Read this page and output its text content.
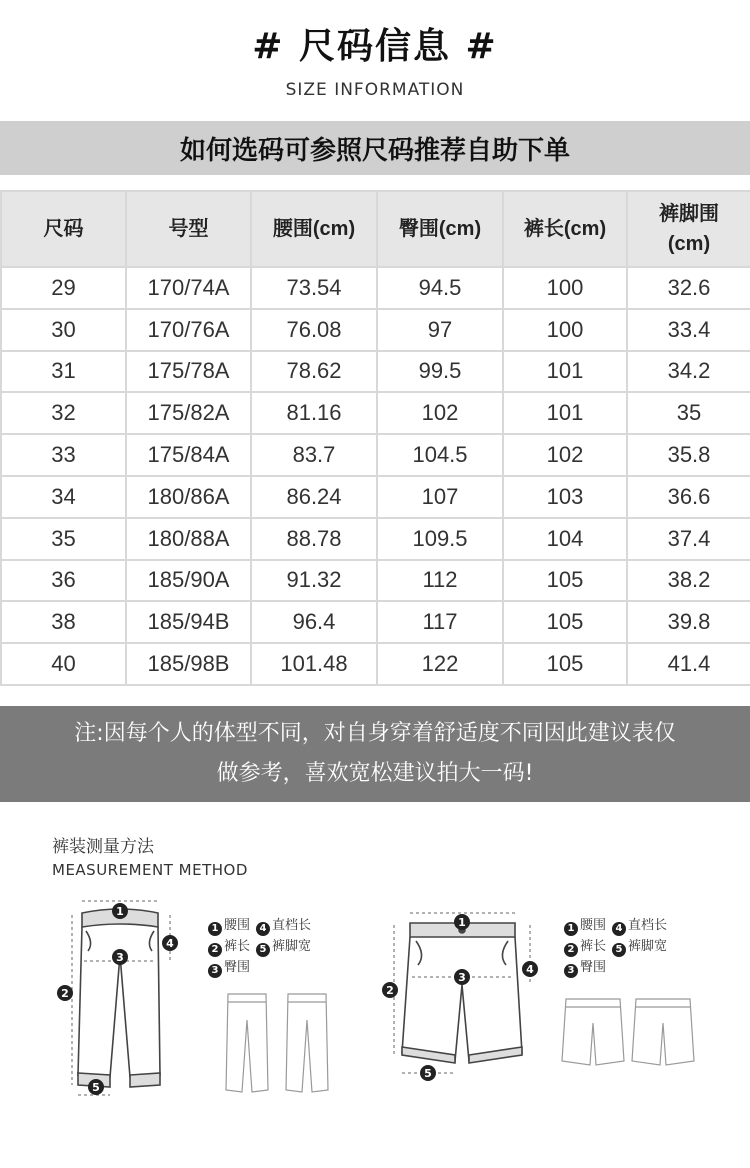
# 尺码信息 #
SIZE INFORMATION
如何选码可参照尺码推荐自助下单
尺码	号型	腰围(cm)	臀围(cm)	裤长(cm)	裤脚围
(cm)
29	170/74A	73.54	94.5	100	32.6
30	170/76A	76.08	97	100	33.4
31	175/78A	78.62	99.5	101	34.2
32	175/82A	81.16	102	101	35
33	175/84A	83.7	104.5	102	35.8
34	180/86A	86.24	107	103	36.6
35	180/88A	88.78	109.5	104	37.4
36	185/90A	91.32	112	105	38.2
38	185/94B	96.4	117	105	39.8
40	185/98B	101.48	122	105	41.4
注:因每个人的体型不同，对自身穿着舒适度不同因此建议表仅
做参考，喜欢宽松建议拍大一码!
裤装测量方法
MEASUREMENT METHOD
1
2
3
4
5
1 腰围 4 直档长
2 裤长 5 裤脚宽
3 臀围
1
2
3
4
5
1 腰围 4 直档长
2 裤长 5 裤脚宽
3 臀围
